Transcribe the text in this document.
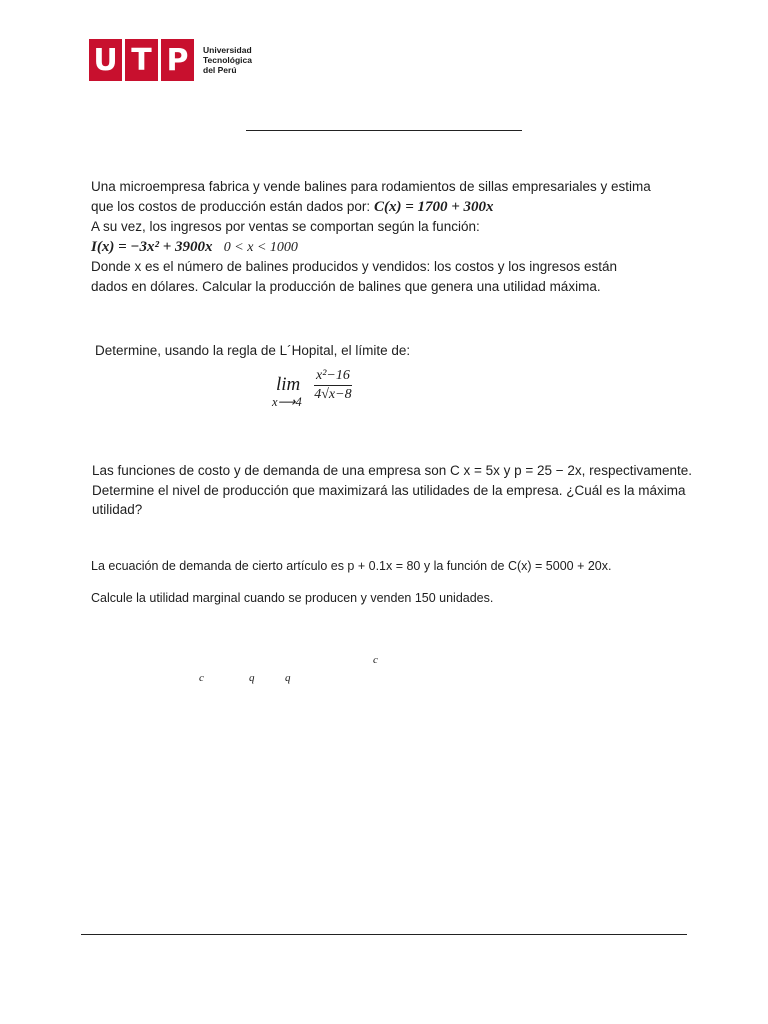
U T P	Universidad
Tecnológica
del Perú
Una microempresa fabrica y vende balines para rodamientos de sillas empresariales y estima
que los costos de producción están dados por: C(x) = 1700 + 300x
A su vez, los ingresos por ventas se comportan según la función:
I(x) = −3x² + 3900x 0 < x < 1000
Donde x es el número de balines producidos y vendidos: los costos y los ingresos están
dados en dólares. Calcular la producción de balines que genera una utilidad máxima.
Determine, usando la regla de L´Hopital, el límite de:
lim
x⟶4
x²−16
4√x−8
Las funciones de costo y de demanda de una empresa son C x = 5x y p = 25 − 2x, respectivamente.
Determine el nivel de producción que maximizará las utilidades de la empresa. ¿Cuál es la máxima
utilidad?
La ecuación de demanda de cierto artículo es p + 0.1x = 80 y la función de C(x) = 5000 + 20x.
Calcule la utilidad marginal cuando se producen y venden 150 unidades.
c
c	q	q
